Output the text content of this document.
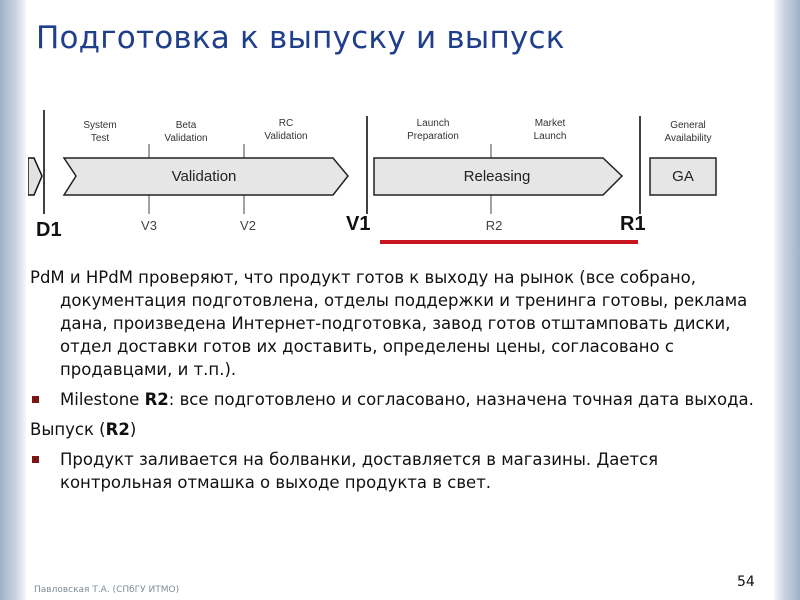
Подготовка к выпуску и выпуск
Validation	Releasing	GA
System
Test
Beta
Validation
RC
Validation
Launch
Preparation
Market
Launch
General
Availability
D1	V3	V2	V1	R2	R1

PdM и HPdM проверяют, что продукт готов к выходу на рынок (все собрано, документация подготовлена, отделы поддержки и тренинга готовы, реклама дана, произведена Интернет-подготовка, завод готов отштамповать диски, отдел доставки готов их доставить, определены цены, согласовано с продавцами, и т.п.).

Milestone R2: все подготовлено и согласовано, назначена точная дата выхода.

Выпуск (R2)

Продукт заливается на болванки, доставляется в магазины. Дается контрольная отмашка о выходе продукта в свет.
Павловская Т.А. (СПбГУ ИТМО)	54
